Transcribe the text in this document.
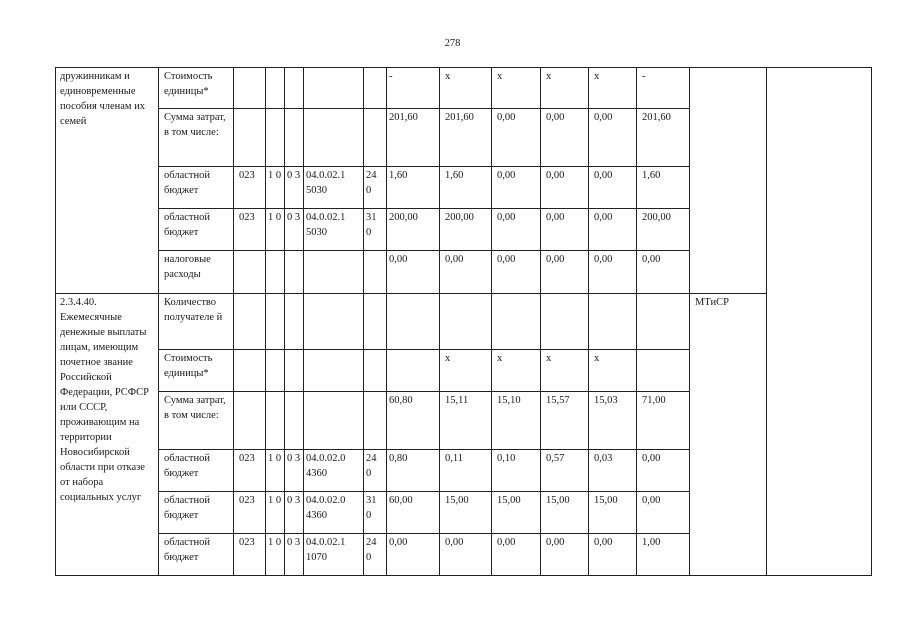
278
дружинникам и единовременные пособия членам их семей	Стоимость единицы*						-	x	x	x	x	-		
	Сумма затрат, в том числе:						201,60	201,60	0,00	0,00	0,00	201,60		
	областной бюджет	023	1 0	0 3	04.0.02.1 5030	24 0	1,60	1,60	0,00	0,00	0,00	1,60		
	областной бюджет	023	1 0	0 3	04.0.02.1 5030	31 0	200,00	200,00	0,00	0,00	0,00	200,00		
	налоговые расходы						0,00	0,00	0,00	0,00	0,00	0,00		
2.3.4.40. Ежемесячные денежные выплаты лицам, имеющим почетное звание Российской Федерации, РСФСР или СССР, проживающим на территории Новосибирской области при отказе от набора социальных услуг	Количество получателе й												МТиСР	
	Стоимость единицы*							x	x	x	x			
	Сумма затрат, в том числе:						60,80	15,11	15,10	15,57	15,03	71,00		
	областной бюджет	023	1 0	0 3	04.0.02.0 4360	24 0	0,80	0,11	0,10	0,57	0,03	0,00		
	областной бюджет	023	1 0	0 3	04.0.02.0 4360	31 0	60,00	15,00	15,00	15,00	15,00	0,00		
	областной бюджет	023	1 0	0 3	04.0.02.1 1070	24 0	0,00	0,00	0,00	0,00	0,00	1,00		
